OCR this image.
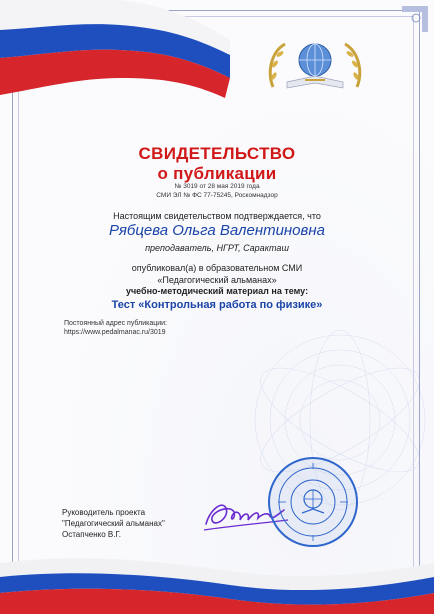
СВИДЕТЕЛЬСТВО
о публикации
№ 3019 от 28 мая 2019 года
СМИ ЭЛ № ФС 77-75245, Роскомнадзор
Настоящим свидетельством подтверждается, что
Рябцева Ольга Валентиновна
преподаватель, НГРТ, Саракташ
опубликовал(а) в образовательном СМИ
«Педагогический альманах»
учебно-методический материал на тему:
Тест «Контрольная работа по физике»
Постоянный адрес публикации:
https://www.pedalmanac.ru/3019
Руководитель проекта
"Педагогический альманах"
Остапченко В.Г.
